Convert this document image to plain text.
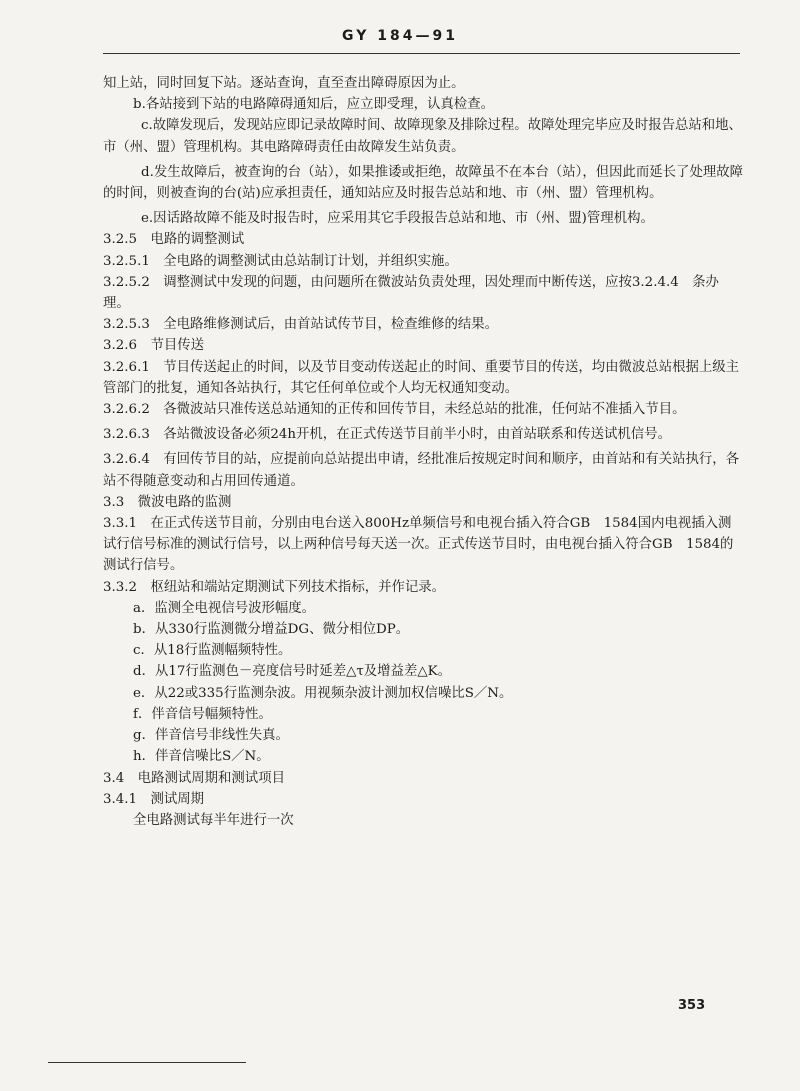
GY 184—91

知上站，同时回复下站。逐站查询，直至查出障碍原因为止。

b.各站接到下站的电路障碍通知后，应立即受理，认真检查。

c.故障发现后，发现站应即记录故障时间、故障现象及排除过程。故障处理完毕应及时报告总站和地、市（州、盟）管理机构。其电路障碍责任由故障发生站负责。

d.发生故障后，被查询的台（站），如果推诿或拒绝，故障虽不在本台（站），但因此而延长了处理故障的时间，则被查询的台(站)应承担责任，通知站应及时报告总站和地、市（州、盟）管理机构。

e.因话路故障不能及时报告时，应采用其它手段报告总站和地、市（州、盟)管理机构。

3.2.5　电路的调整测试

3.2.5.1　全电路的调整测试由总站制订计划，并组织实施。

3.2.5.2　调整测试中发现的问题，由问题所在微波站负责处理，因处理而中断传送，应按3.2.4.4　条办理。

3.2.5.3　全电路维修测试后，由首站试传节目，检查维修的结果。

3.2.6　节目传送

3.2.6.1　节目传送起止的时间，以及节目变动传送起止的时间、重要节目的传送，均由微波总站根据上级主管部门的批复，通知各站执行，其它任何单位或个人均无权通知变动。

3.2.6.2　各微波站只准传送总站通知的正传和回传节目，未经总站的批准，任何站不准插入节目。

3.2.6.3　各站微波设备必须24h开机，在正式传送节目前半小时，由首站联系和传送试机信号。

3.2.6.4　有回传节目的站，应提前向总站提出申请，经批准后按规定时间和顺序，由首站和有关站执行，各站不得随意变动和占用回传通道。

3.3　微波电路的监测

3.3.1　在正式传送节目前，分别由电台送入800Hz单频信号和电视台插入符合GB　1584国内电视插入测试行信号标准的测试行信号，以上两种信号每天送一次。正式传送节目时，由电视台插入符合GB　1584的测试行信号。

3.3.2　枢纽站和端站定期测试下列技术指标，并作记录。

a．监测全电视信号波形幅度。

b．从330行监测微分增益DG、微分相位DP。

c．从18行监测幅频特性。

d．从17行监测色－亮度信号时延差△τ及增益差△K。

e．从22或335行监测杂波。用视频杂波计测加权信噪比S／N。

f．伴音信号幅频特性。

g．伴音信号非线性失真。

h．伴音信噪比S／N。

3.4　电路测试周期和测试项目

3.4.1　测试周期

全电路测试每半年进行一次

353
